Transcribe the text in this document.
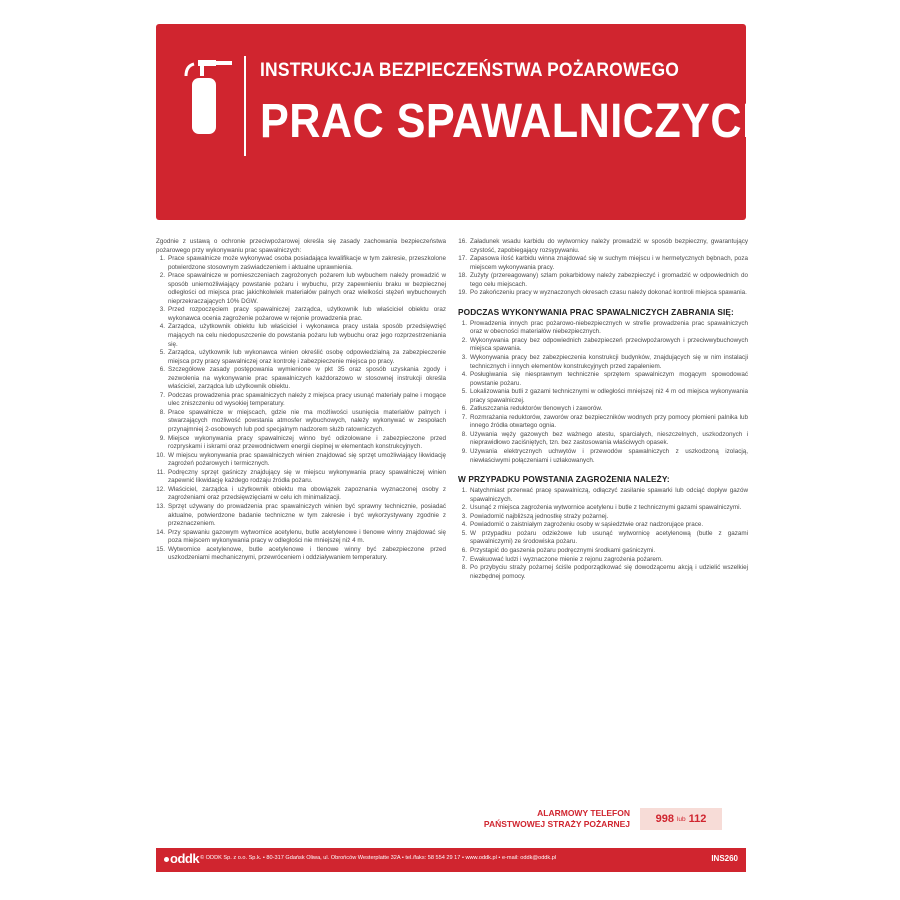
INSTRUKCJA BEZPIECZEŃSTWA POŻAROWEGO
PRAC SPAWALNICZYCH
Zgodnie z ustawą o ochronie przeciwpożarowej określa się zasady zachowania bezpieczeństwa pożarowego przy wykonywaniu prac spawalniczych:
1. Prace spawalnicze może wykonywać osoba posiadająca kwalifikacje w tym zakresie, przeszkolone potwierdzone stosownym zaświadczeniem i aktualne uprawnienia.
2. Prace spawalnicze w pomieszczeniach zagrożonych pożarem lub wybuchem należy prowadzić w sposób uniemożliwiający powstanie pożaru i wybuchu, przy zapewnieniu braku w bezpiecznej odległości od miejsca prac jakichkolwiek materiałów palnych oraz wielkości stężeń wybuchowych nieprzekraczających 10% DGW.
3. Przed rozpoczęciem pracy spawalniczej zarządca, użytkownik lub właściciel obiektu oraz wykonawca ocenia zagrożenie pożarowe w rejonie prowadzenia prac.
4. Zarządca, użytkownik obiektu lub właściciel i wykonawca pracy ustala sposób przedsięwzięć mających na celu niedopuszczenie do powstania pożaru lub wybuchu oraz jego rozprzestrzeniania się.
5. Zarządca, użytkownik lub wykonawca winien określić osobę odpowiedzialną za zabezpieczenie miejsca przy pracy spawalniczej oraz kontrolę i zabezpieczenie miejsca po pracy.
6. Szczegółowe zasady postępowania wymienione w pkt 35 oraz sposób uzyskania zgody i zezwolenia na wykonywanie prac spawalniczych każdorazowo w stosownej instrukcji określa właściciel, zarządca lub użytkownik obiektu.
7. Podczas prowadzenia prac spawalniczych należy z miejsca pracy usunąć materiały palne i mogące ulec zniszczeniu od wysokiej temperatury.
8. Prace spawalnicze w miejscach, gdzie nie ma możliwości usunięcia materiałów palnych i stwarzających możliwość powstania atmosfer wybuchowych, należy wykonywać w zespołach przynajmniej 2-osobowych lub pod specjalnym nadzorem służb ratowniczych.
9. Miejsce wykonywania pracy spawalniczej winno być odizolowane i zabezpieczone przed rozpryskami i iskrami oraz przewodnictwem energii cieplnej w elementach konstrukcyjnych.
10. W miejscu wykonywania prac spawalniczych winien znajdować się sprzęt umożliwiający likwidację zagrożeń pożarowych i termicznych.
11. Podręczny sprzęt gaśniczy znajdujący się w miejscu wykonywania pracy spawalniczej winien zapewnić likwidację każdego rodzaju źródła pożaru.
12. Właściciel, zarządca i użytkownik obiektu ma obowiązek zapoznania wyznaczonej osoby z zagrożeniami oraz przedsięwzięciami w celu ich minimalizacji.
13. Sprzęt używany do prowadzenia prac spawalniczych winien być sprawny technicznie, posiadać aktualne, potwierdzone badanie techniczne w tym zakresie i być wykorzystywany zgodnie z przeznaczeniem.
14. Przy spawaniu gazowym wytwornice acetylenu, butle acetylenowe i tlenowe winny znajdować się poza miejscem wykonywania pracy w odległości nie mniejszej niż 4 m.
15. Wytwornice acetylenowe, butle acetylenowe i tlenowe winny być zabezpieczone przed uszkodzeniami mechanicznymi, przewróceniem i oddziaływaniem temperatury.
16. Załadunek wsadu karbidu do wytwornicy należy prowadzić w sposób bezpieczny, gwarantujący czystość, zapobiegający rozsypywaniu.
17. Zapasowa ilość karbidu winna znajdować się w suchym miejscu i w hermetycznych bębnach, poza miejscem wykonywania pracy.
18. Zużyty (przereagowany) szlam pokarbidowy należy zabezpieczyć i gromadzić w odpowiednich do tego celu miejscach.
19. Po zakończeniu pracy w wyznaczonych okresach czasu należy dokonać kontroli miejsca spawania.
PODCZAS WYKONYWANIA PRAC SPAWALNICZYCH ZABRANIA SIĘ:
1. Prowadzenia innych prac pożarowo-niebezpiecznych w strefie prowadzenia prac spawalniczych oraz w obecności materiałów niebezpiecznych.
2. Wykonywania pracy bez odpowiednich zabezpieczeń przeciwpożarowych i przeciwwybuchowych miejsca spawania.
3. Wykonywania pracy bez zabezpieczenia konstrukcji budynków, znajdujących się w nim instalacji technicznych i innych elementów konstrukcyjnych przed zapaleniem.
4. Posługiwania się niesprawnym technicznie sprzętem spawalniczym mogącym spowodować powstanie pożaru.
5. Lokalizowania butli z gazami technicznymi w odległości mniejszej niż 4 m od miejsca wykonywania pracy spawalniczej.
6. Zatłuszczania reduktorów tlenowych i zaworów.
7. Rozmrażania reduktorów, zaworów oraz bezpieczników wodnych przy pomocy płomieni palnika lub innego źródła otwartego ognia.
8. Używania węży gazowych bez ważnego atestu, sparciałych, nieszczelnych, uszkodzonych i nieprawidłowo zaciśniętych, tzn. bez zastosowania właściwych opasek.
9. Używania elektrycznych uchwytów i przewodów spawalniczych z uszkodzoną izolacją, niewłaściwymi połączeniami i uzłakowanych.
W PRZYPADKU POWSTANIA ZAGROŻENIA NALEŻY:
1. Natychmiast przerwać pracę spawalniczą, odłączyć zasilanie spawarki lub odciąć dopływ gazów spawalniczych.
2. Usunąć z miejsca zagrożenia wytwornice acetylenu i butle z technicznymi gazami spawalniczymi.
3. Powiadomić najbliższą jednostkę straży pożarnej.
4. Powiadomić o zaistniałym zagrożeniu osoby w sąsiedztwie oraz nadzorujące prace.
5. W przypadku pożaru odzieżowe lub usunąć wytwornicę acetylenową (butle z gazami spawalniczymi) ze środowiska pożaru.
6. Przystąpić do gaszenia pożaru podręcznymi środkami gaśniczymi.
7. Ewakuować ludzi i wyznaczone mienie z rejonu zagrożenia pożarem.
8. Po przybyciu straży pożarnej ściśle podporządkować się dowodzącemu akcją i udzielić wszelkiej niezbędnej pomocy.
ALARMOWY TELEFON
PAŃSTWOWEJ STRAŻY POŻARNEJ 998 lub 112
oddk © ODDK Sp. z o.o. Sp.k. • 80-317 Gdańsk Oliwa, ul. Obrońców Westerplatte 32A • tel./faks: 58 554 29 17 • www.oddk.pl • e-mail: oddk@oddk.pl	INS260
